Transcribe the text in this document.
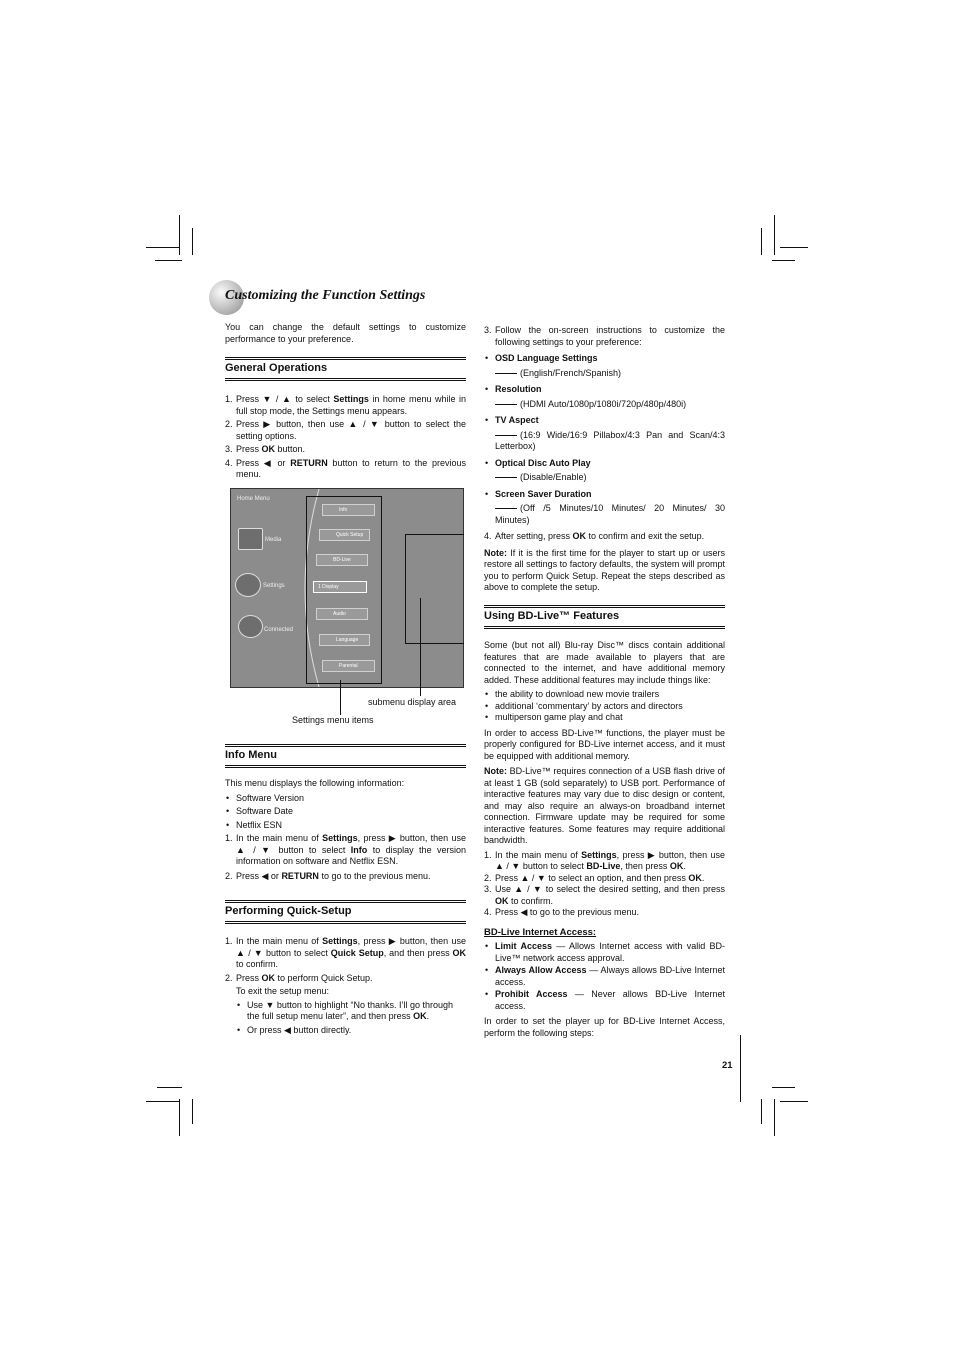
Customizing the Function Settings

You can change the default settings to customize performance to your preference.

General Operations
1. Press ▼ / ▲ to select Settings in home menu while in full stop mode, the Settings menu appears.
2. Press ▶ button, then use ▲ / ▼ button to select the setting options.
3. Press OK button.
4. Press ◀ or RETURN button to return to the previous menu.
Home Menu
Media
Settings
Connected
Info
Quick Setup
BD-Live
1 Display
Audio
Language
Parental
submenu display area
Settings menu items
Info Menu
This menu displays the following information:
• Software Version
• Software Date
• Netflix ESN
1. In the main menu of Settings, press ▶ button, then use ▲ / ▼ button to select Info to display the version information on software and Netflix ESN.
2. Press ◀ or RETURN to go to the previous menu.
Performing Quick-Setup
1. In the main menu of Settings, press ▶ button, then use ▲ / ▼ button to select Quick Setup, and then press OK to confirm.
2. Press OK to perform Quick Setup.
To exit the setup menu:
• Use ▼ button to highlight “No thanks. I’ll go through the full setup menu later”, and then press OK.
• Or press ◀ button directly.
3. Follow the on-screen instructions to customize the following settings to your preference:
• OSD Language Settings
(English/French/Spanish)
• Resolution
(HDMI Auto/1080p/1080i/720p/480p/480i)
• TV Aspect
(16:9 Wide/16:9 Pillabox/4:3 Pan and Scan/4:3 Letterbox)
• Optical Disc Auto Play
(Disable/Enable)
• Screen Saver Duration
(Off /5 Minutes/10 Minutes/ 20 Minutes/ 30 Minutes)
4. After setting, press OK to confirm and exit the setup.

Note: If it is the first time for the player to start up or users restore all settings to factory defaults, the system will prompt you to perform Quick Setup. Repeat the steps described as above to complete the setup.

Using BD-Live™ Features

Some (but not all) Blu-ray Disc™ discs contain additional features that are made available to players that are connected to the internet, and have additional memory added. These additional features may include things like:

• the ability to download new movie trailers
• additional ‘commentary’ by actors and directors
• multiperson game play and chat

In order to access BD-Live™ functions, the player must be properly configured for BD-Live internet access, and it must be equipped with additional memory.

Note: BD-Live™ requires connection of a USB flash drive of at least 1 GB (sold separately) to USB port. Performance of interactive features may vary due to disc design or content, and may also require an always-on broadband internet connection. Firmware update may be required for some interactive features. Some features may require additional bandwidth.

1. In the main menu of Settings, press ▶ button, then use ▲ / ▼ button to select BD-Live, then press OK.
2. Press ▲ / ▼ to select an option, and then press OK.
3. Use ▲ / ▼ to select the desired setting, and then press OK to confirm.
4. Press ◀ to go to the previous menu.
BD-Live Internet Access:
• Limit Access — Allows Internet access with valid BD-Live™ network access approval.
• Always Allow Access — Always allows BD-Live Internet access.
• Prohibit Access — Never allows BD-Live Internet access.

In order to set the player up for BD-Live Internet Access, perform the following steps:

21
